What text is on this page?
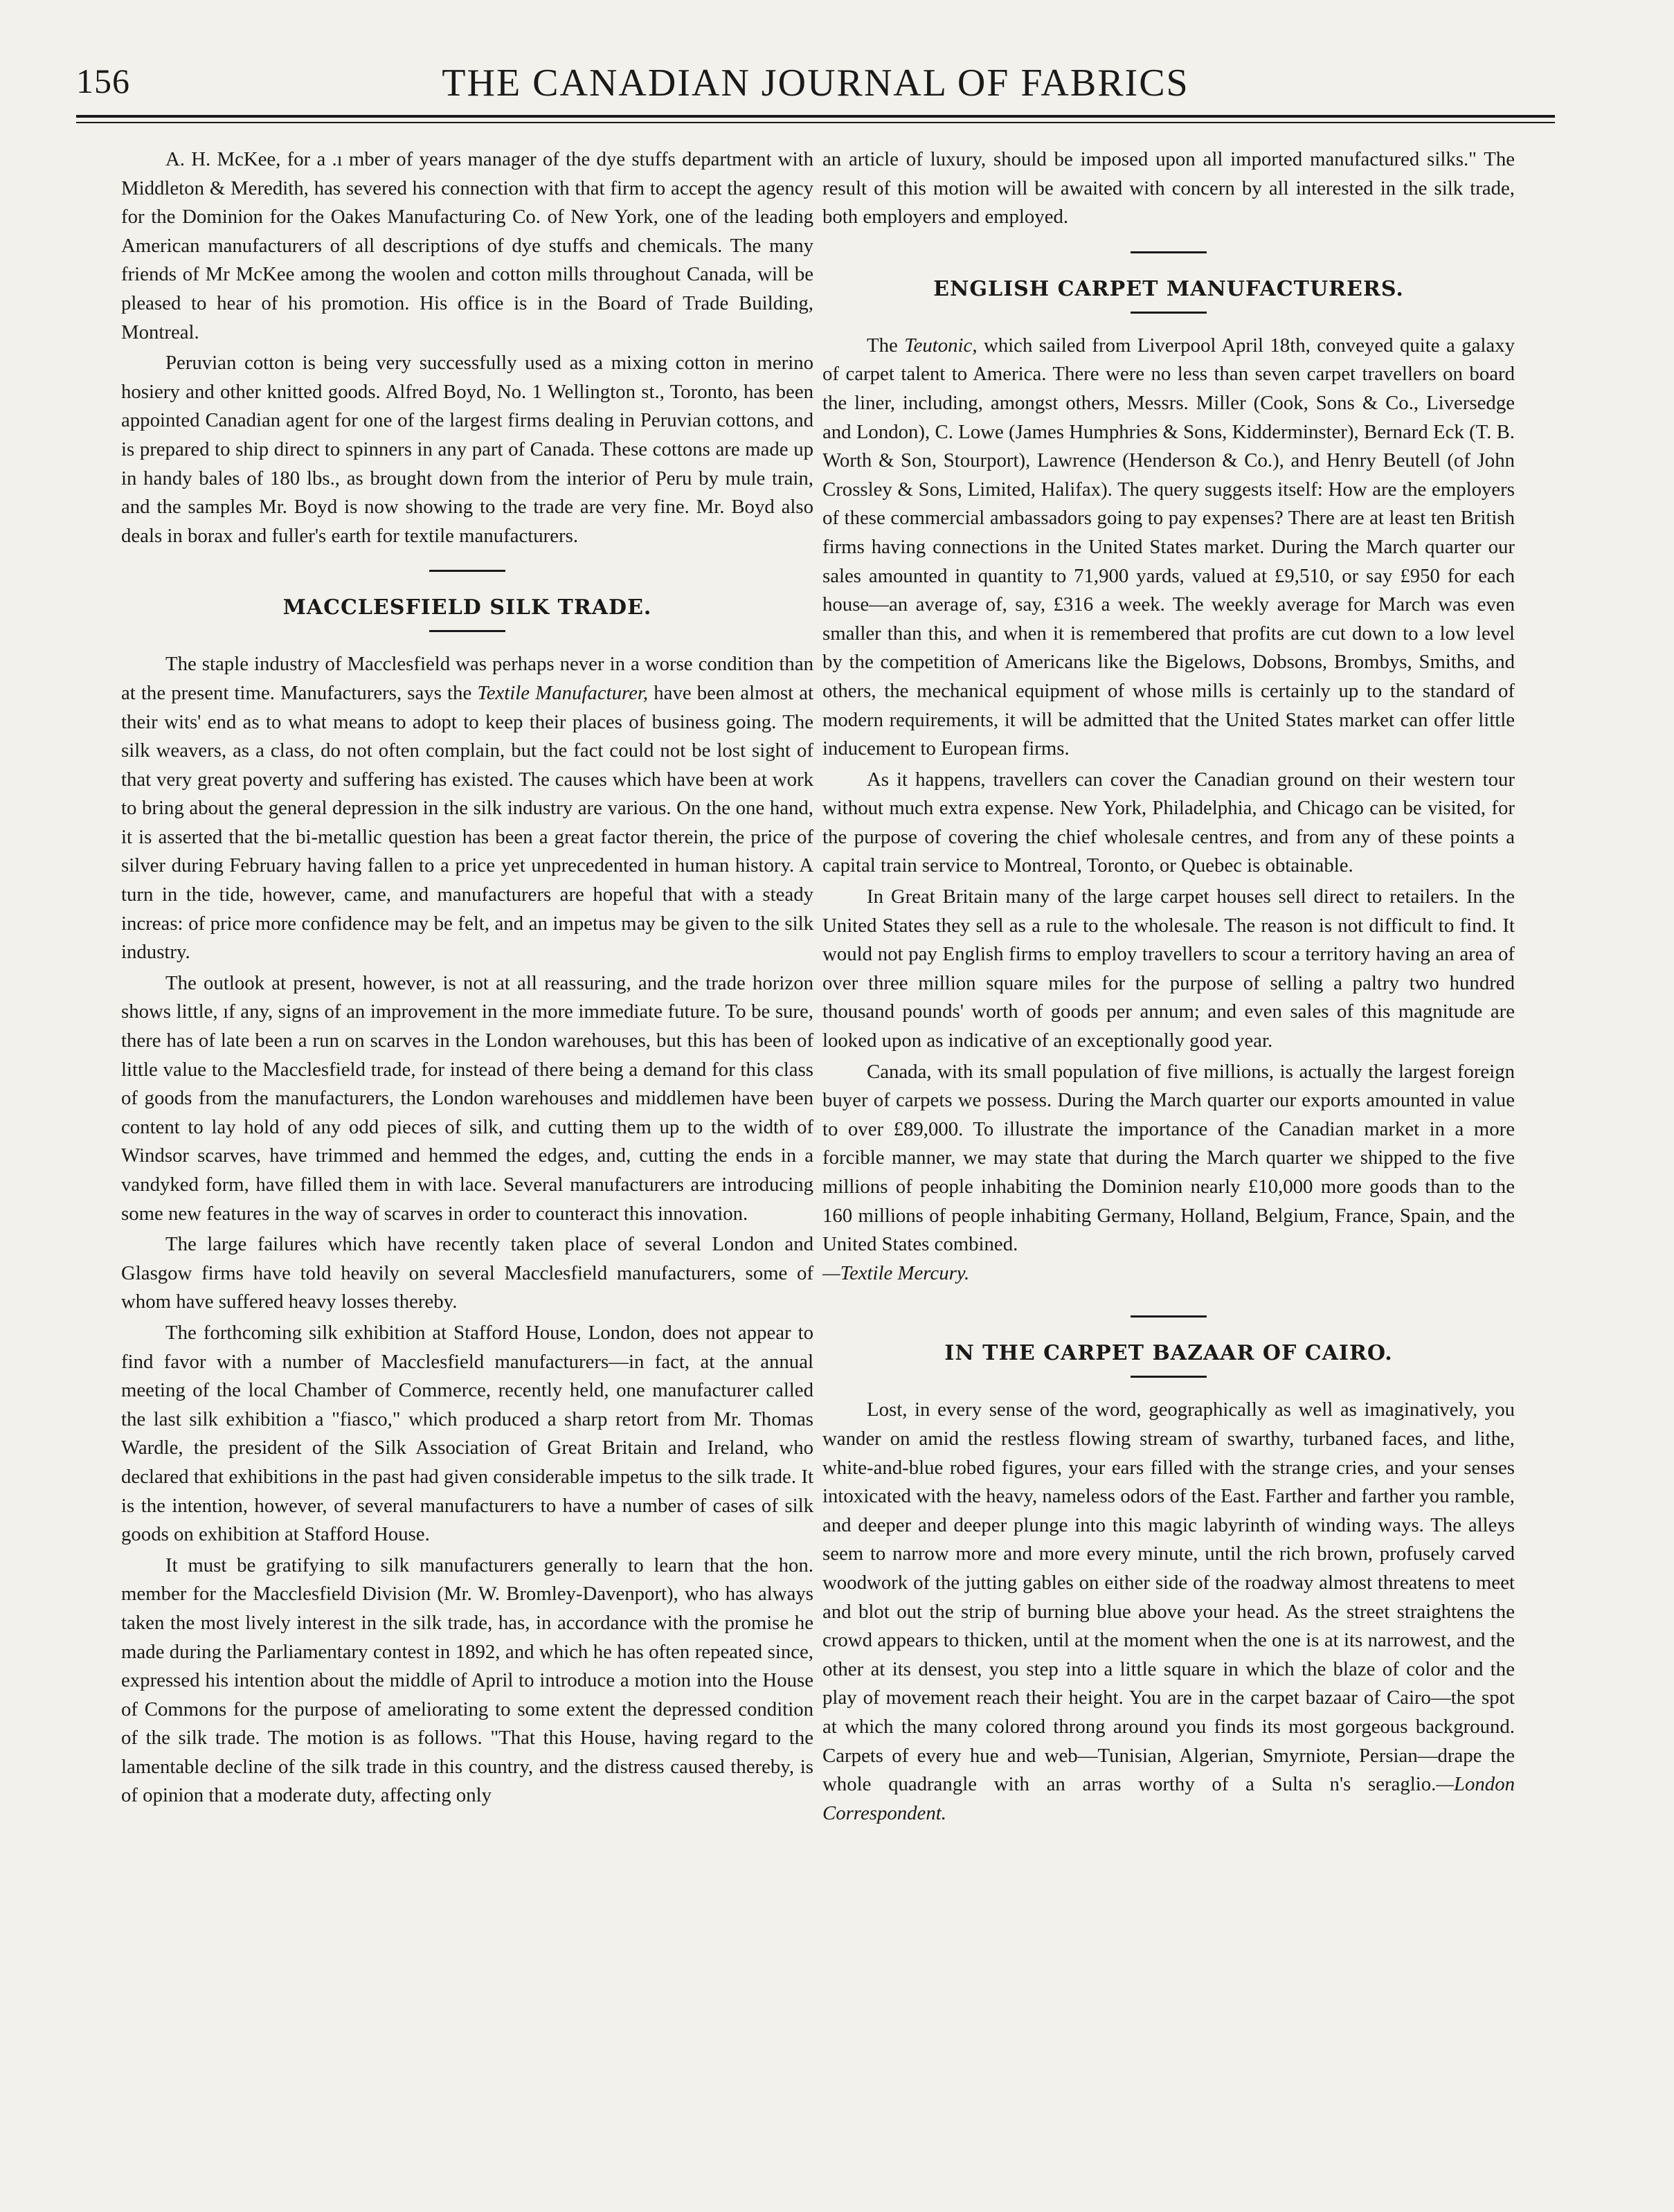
156	THE CANADIAN JOURNAL OF FABRICS

A. H. McKee, for a .ı mber of years manager of the dye stuffs department with Middleton & Meredith, has severed his connection with that firm to accept the agency for the Dominion for the Oakes Manufacturing Co. of New York, one of the leading American manufacturers of all descriptions of dye stuffs and chemicals. The many friends of Mr McKee among the woolen and cotton mills throughout Canada, will be pleased to hear of his promotion. His office is in the Board of Trade Building, Montreal.

Peruvian cotton is being very successfully used as a mixing cotton in merino hosiery and other knitted goods. Alfred Boyd, No. 1 Wellington st., Toronto, has been appointed Canadian agent for one of the largest firms dealing in Peruvian cottons, and is prepared to ship direct to spinners in any part of Canada. These cottons are made up in handy bales of 180 lbs., as brought down from the interior of Peru by mule train, and the samples Mr. Boyd is now showing to the trade are very fine. Mr. Boyd also deals in borax and fuller's earth for textile manufacturers.

MACCLESFIELD SILK TRADE.

The staple industry of Macclesfield was perhaps never in a worse condition than at the present time. Manufacturers, says the Textile Manufacturer, have been almost at their wits' end as to what means to adopt to keep their places of business going. The silk weavers, as a class, do not often complain, but the fact could not be lost sight of that very great poverty and suffering has existed. The causes which have been at work to bring about the general depression in the silk industry are various. On the one hand, it is asserted that the bi-metallic question has been a great factor therein, the price of silver during February having fallen to a price yet unprecedented in human history. A turn in the tide, however, came, and manufacturers are hopeful that with a steady increas: of price more confidence may be felt, and an impetus may be given to the silk industry.

The outlook at present, however, is not at all reassuring, and the trade horizon shows little, ıf any, signs of an improvement in the more immediate future. To be sure, there has of late been a run on scarves in the London warehouses, but this has been of little value to the Macclesfield trade, for instead of there being a demand for this class of goods from the manufacturers, the London warehouses and middlemen have been content to lay hold of any odd pieces of silk, and cutting them up to the width of Windsor scarves, have trimmed and hemmed the edges, and, cutting the ends in a vandyked form, have filled them in with lace. Several manufacturers are introducing some new features in the way of scarves in order to counteract this innovation.

The large failures which have recently taken place of several London and Glasgow firms have told heavily on several Macclesfield manufacturers, some of whom have suffered heavy losses thereby.

The forthcoming silk exhibition at Stafford House, London, does not appear to find favor with a number of Macclesfield manufacturers—in fact, at the annual meeting of the local Chamber of Commerce, recently held, one manufacturer called the last silk exhibition a "fiasco," which produced a sharp retort from Mr. Thomas Wardle, the president of the Silk Association of Great Britain and Ireland, who declared that exhibitions in the past had given considerable impetus to the silk trade. It is the intention, however, of several manufacturers to have a number of cases of silk goods on exhibition at Stafford House.

It must be gratifying to silk manufacturers generally to learn that the hon. member for the Macclesfield Division (Mr. W. Bromley-Davenport), who has always taken the most lively interest in the silk trade, has, in accordance with the promise he made during the Parliamentary contest in 1892, and which he has often repeated since, expressed his intention about the middle of April to introduce a motion into the House of Commons for the purpose of ameliorating to some extent the depressed condition of the silk trade. The motion is as follows. "That this House, having regard to the lamentable decline of the silk trade in this country, and the distress caused thereby, is of opinion that a moderate duty, affecting only

an article of luxury, should be imposed upon all imported manufactured silks." The result of this motion will be awaited with concern by all interested in the silk trade, both employers and employed.

ENGLISH CARPET MANUFACTURERS.

The Teutonic, which sailed from Liverpool April 18th, conveyed quite a galaxy of carpet talent to America. There were no less than seven carpet travellers on board the liner, including, amongst others, Messrs. Miller (Cook, Sons & Co., Liversedge and London), C. Lowe (James Humphries & Sons, Kidderminster), Bernard Eck (T. B. Worth & Son, Stourport), Lawrence (Henderson & Co.), and Henry Beutell (of John Crossley & Sons, Limited, Halifax). The query suggests itself: How are the employers of these commercial ambassadors going to pay expenses? There are at least ten British firms having connections in the United States market. During the March quarter our sales amounted in quantity to 71,900 yards, valued at £9,510, or say £950 for each house—an average of, say, £316 a week. The weekly average for March was even smaller than this, and when it is remembered that profits are cut down to a low level by the competition of Americans like the Bigelows, Dobsons, Brombys, Smiths, and others, the mechanical equipment of whose mills is certainly up to the standard of modern requirements, it will be admitted that the United States market can offer little inducement to European firms.

As it happens, travellers can cover the Canadian ground on their western tour without much extra expense. New York, Philadelphia, and Chicago can be visited, for the purpose of covering the chief wholesale centres, and from any of these points a capital train service to Montreal, Toronto, or Quebec is obtainable.

In Great Britain many of the large carpet houses sell direct to retailers. In the United States they sell as a rule to the wholesale. The reason is not difficult to find. It would not pay English firms to employ travellers to scour a territory having an area of over three million square miles for the purpose of selling a paltry two hundred thousand pounds' worth of goods per annum; and even sales of this magnitude are looked upon as indicative of an exceptionally good year.

Canada, with its small population of five millions, is actually the largest foreign buyer of carpets we possess. During the March quarter our exports amounted in value to over £89,000. To illustrate the importance of the Canadian market in a more forcible manner, we may state that during the March quarter we shipped to the five millions of people inhabiting the Dominion nearly £10,000 more goods than to the 160 millions of people inhabiting Germany, Holland, Belgium, France, Spain, and the United States combined.
—Textile Mercury.

IN THE CARPET BAZAAR OF CAIRO.

Lost, in every sense of the word, geographically as well as imaginatively, you wander on amid the restless flowing stream of swarthy, turbaned faces, and lithe, white-and-blue robed figures, your ears filled with the strange cries, and your senses intoxicated with the heavy, nameless odors of the East. Farther and farther you ramble, and deeper and deeper plunge into this magic labyrinth of winding ways. The alleys seem to narrow more and more every minute, until the rich brown, profusely carved woodwork of the jutting gables on either side of the roadway almost threatens to meet and blot out the strip of burning blue above your head. As the street straightens the crowd appears to thicken, until at the moment when the one is at its narrowest, and the other at its densest, you step into a little square in which the blaze of color and the play of movement reach their height. You are in the carpet bazaar of Cairo—the spot at which the many colored throng around you finds its most gorgeous background. Carpets of every hue and web—Tunisian, Algerian, Smyrniote, Persian—drape the whole quadrangle with an arras worthy of a Sulta n's seraglio.—London Correspondent.
